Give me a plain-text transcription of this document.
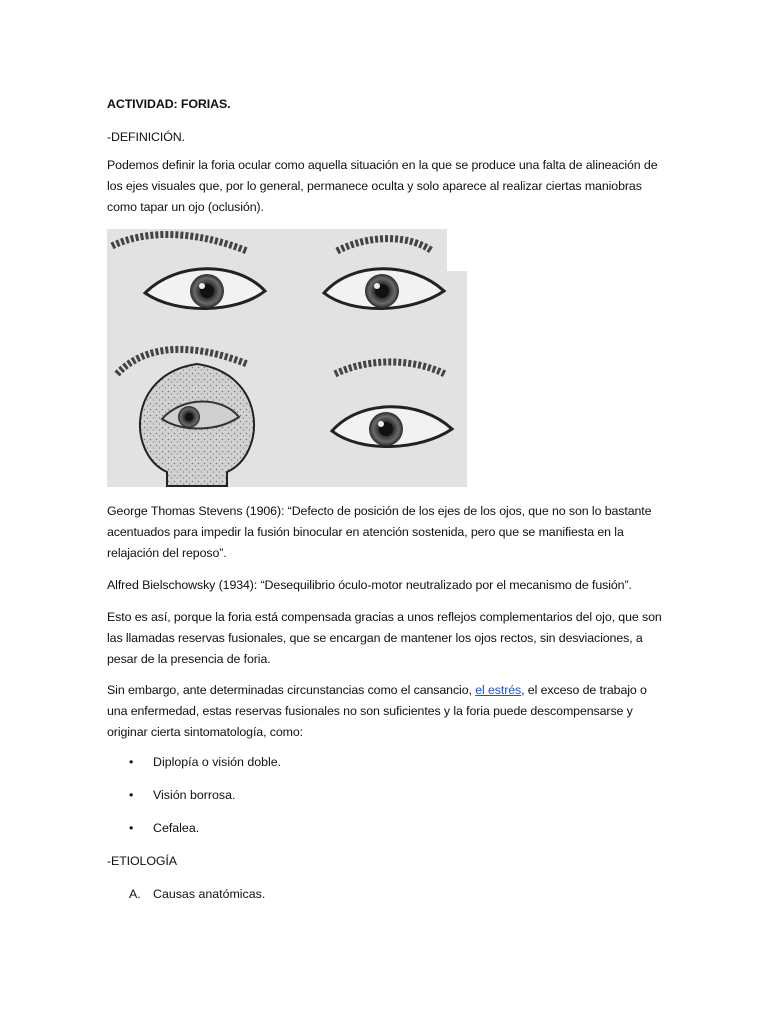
ACTIVIDAD: FORIAS.

-DEFINICIÓN.

Podemos definir la foria ocular como aquella situación en la que se produce una falta de alineación de los ejes visuales que, por lo general, permanece oculta y solo aparece al realizar ciertas maniobras como tapar un ojo (oclusión).

George Thomas Stevens (1906): “Defecto de posición de los ejes de los ojos, que no son lo bastante acentuados para impedir la fusión binocular en atención sostenida, pero que se manifiesta en la relajación del reposo”.

Alfred Bielschowsky (1934): “Desequilibrio óculo-motor neutralizado por el mecanismo de fusión”.

Esto es así, porque la foria está compensada gracias a unos reflejos complementarios del ojo, que son las llamadas reservas fusionales, que se encargan de mantener los ojos rectos, sin desviaciones, a pesar de la presencia de foria.

Sin embargo, ante determinadas circunstancias como el cansancio, el estrés, el exceso de trabajo o una enfermedad, estas reservas fusionales no son suficientes y la foria puede descompensarse y originar cierta sintomatología, como:

• Diplopía o visión doble.
• Visión borrosa.
• Cefalea.

-ETIOLOGÍA

A. Causas anatómicas.
